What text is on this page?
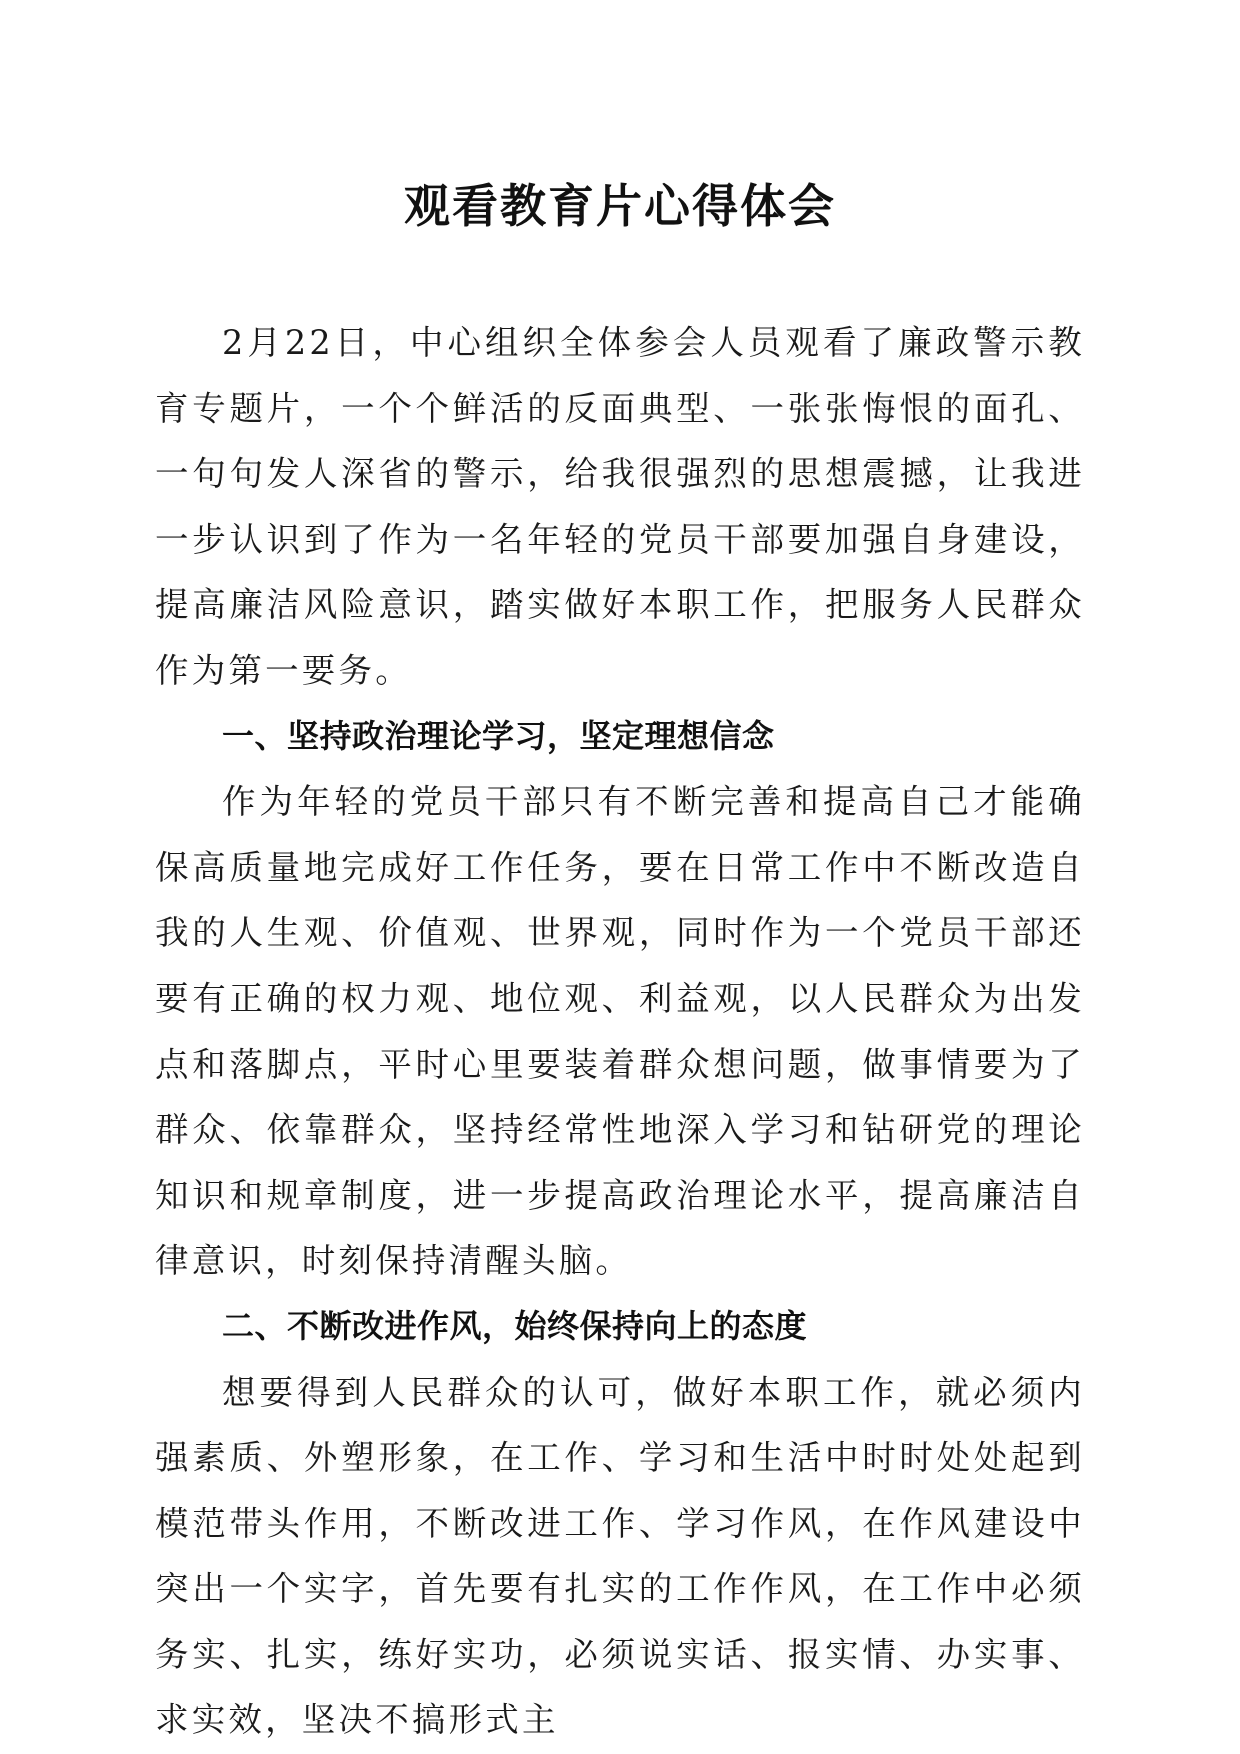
观看教育片心得体会

2月22日，中心组织全体参会人员观看了廉政警示教育专题片，一个个鲜活的反面典型、一张张悔恨的面孔、一句句发人深省的警示，给我很强烈的思想震撼，让我进一步认识到了作为一名年轻的党员干部要加强自身建设，提高廉洁风险意识，踏实做好本职工作，把服务人民群众作为第一要务。

一、坚持政治理论学习，坚定理想信念

作为年轻的党员干部只有不断完善和提高自己才能确保高质量地完成好工作任务，要在日常工作中不断改造自我的人生观、价值观、世界观，同时作为一个党员干部还要有正确的权力观、地位观、利益观，以人民群众为出发点和落脚点，平时心里要装着群众想问题，做事情要为了群众、依靠群众，坚持经常性地深入学习和钻研党的理论知识和规章制度，进一步提高政治理论水平，提高廉洁自律意识，时刻保持清醒头脑。

二、不断改进作风，始终保持向上的态度

想要得到人民群众的认可，做好本职工作，就必须内强素质、外塑形象，在工作、学习和生活中时时处处起到模范带头作用，不断改进工作、学习作风，在作风建设中突出一个实字，首先要有扎实的工作作风，在工作中必须务实、扎实，练好实功，必须说实话、报实情、办实事、求实效，坚决不搞形式主
